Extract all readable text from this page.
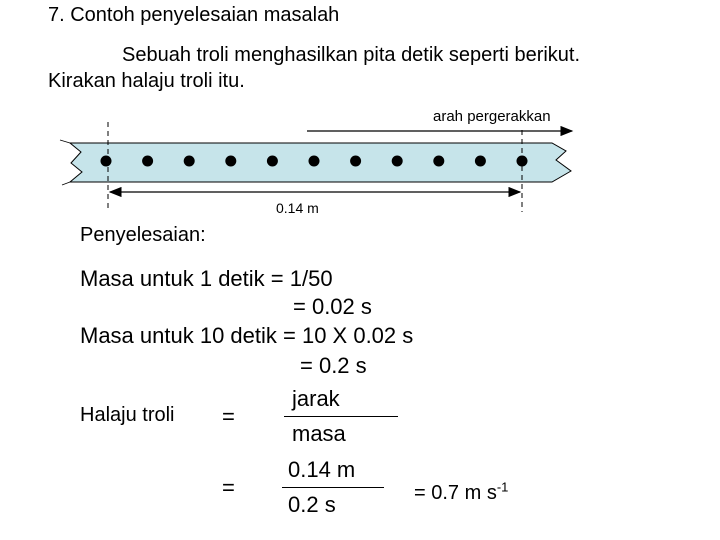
7. Contoh penyelesaian masalah
Sebuah troli menghasilkan pita detik seperti berikut.
Kirakan halaju troli itu.
arah pergerakkan
0.14 m
Penyelesaian:
Masa untuk 1 detik = 1/50
= 0.02 s
Masa untuk 10 detik = 10 X 0.02 s
= 0.2 s
Halaju troli =
jarak
masa
=
0.14 m
0.2 s	= 0.7 m $s^{-1}$
